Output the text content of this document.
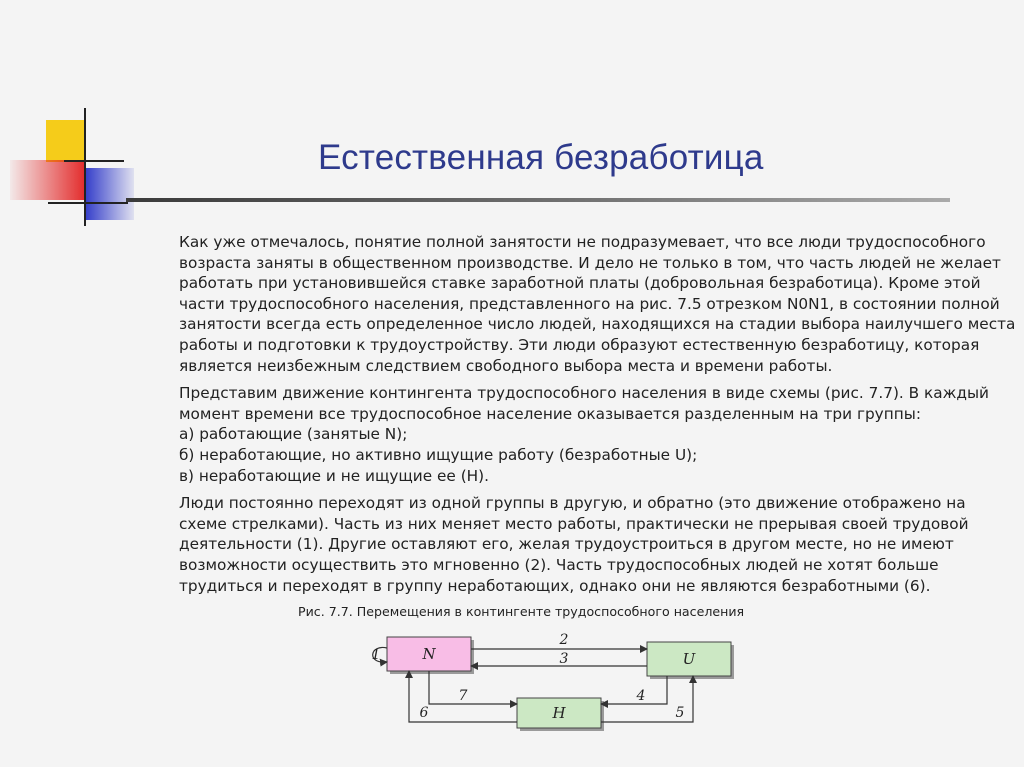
Естественная безработица

Как уже отмечалось, понятие полной занятости не подразумевает, что все люди трудоспособного
возраста заняты в общественном производстве. И дело не только в том, что часть людей не желает
работать при установившейся ставке заработной платы (добровольная безработица). Кроме этой
части трудоспособного населения, представленного на рис. 7.5 отрезком N0N1, в состоянии полной
занятости всегда есть определенное число людей, находящихся на стадии выбора наилучшего места
работы и подготовки к трудоустройству. Эти люди образуют естественную безработицу, которая
является неизбежным следствием свободного выбора места и времени работы.

Представим движение контингента трудоспособного населения в виде схемы (рис. 7.7). В каждый
момент времени все трудоспособное население оказывается разделенным на три группы:
а) работающие (занятые N);
б) неработающие, но активно ищущие работу (безработные U);
в) неработающие и не ищущие ее (H).

Люди постоянно переходят из одной группы в другую, и обратно (это движение отображено на
схеме стрелками). Часть из них меняет место работы, практически не прерывая своей трудовой
деятельности (1). Другие оставляют его, желая трудоустроиться в другом месте, но не имеют
возможности осуществить это мгновенно (2). Часть трудоспособных людей не хотят больше
трудиться и переходят в группу неработающих, однако они не являются безработными (6).

Рис. 7.7. Перемещения в контингенте трудоспособного населения
N	U
H
1
2
3
7
6
4
5
